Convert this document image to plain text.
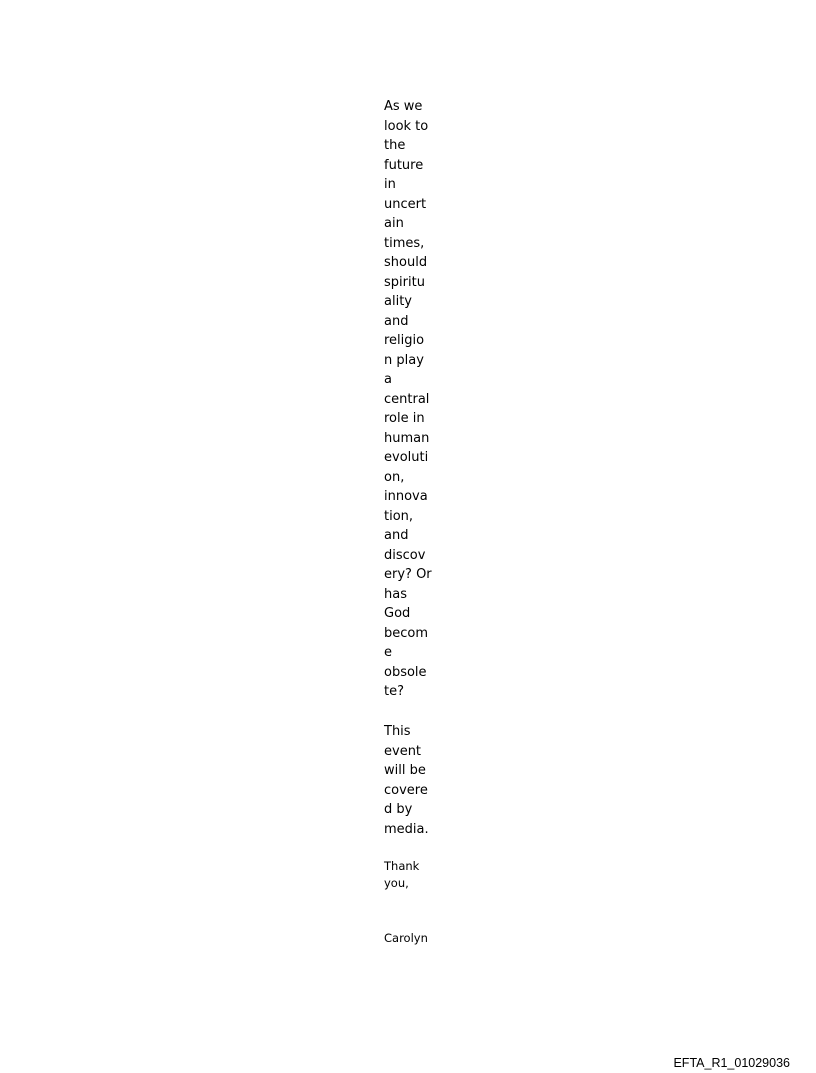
As we
look to
the
future
in
uncert
ain
times,
should
spiritu
ality
and
religio
n play
a
central
role in
human
evoluti
on,
innova
tion,
and
discov
ery? Or
has
God
becom
e
obsole
te?
This
event
will be
covere
d by
media.
Thank
you,
Carolyn
EFTA_R1_01029036
